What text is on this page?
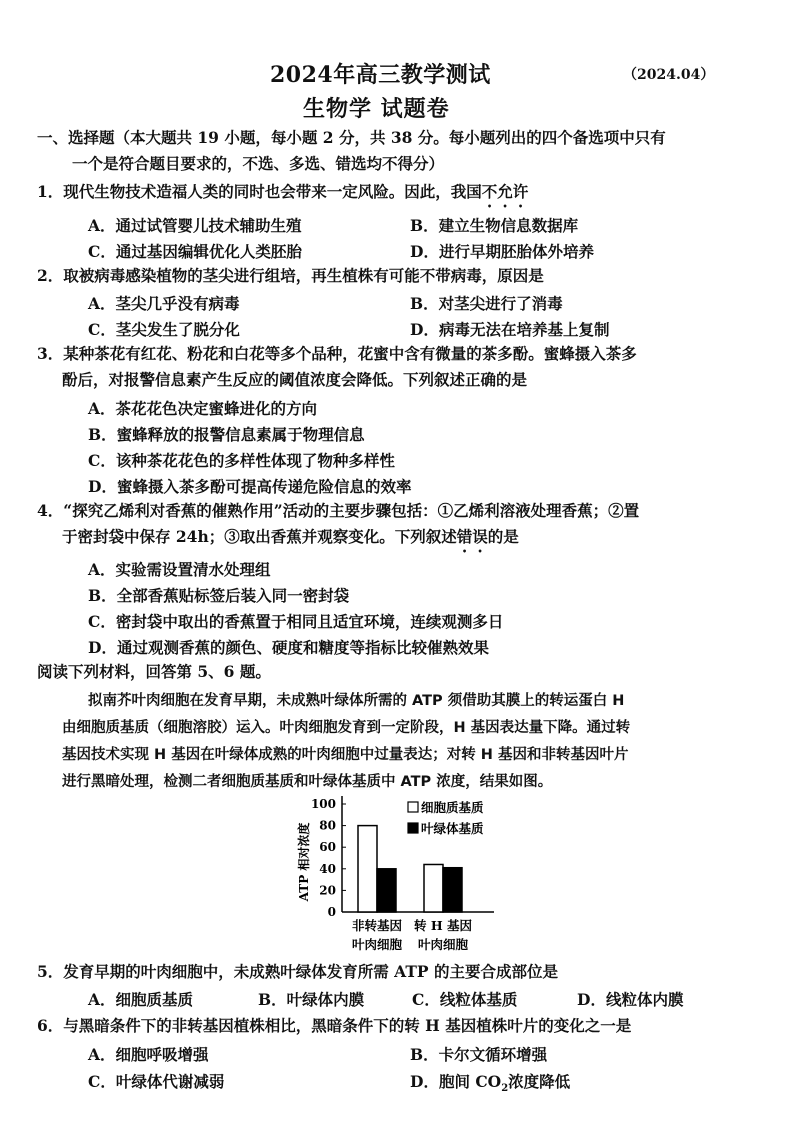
2024年高三教学测试	（2024.04）
生物学 试题卷
一、选择题（本大题共 19 小题，每小题 2 分，共 38 分。每小题列出的四个备选项中只有
一个是符合题目要求的，不选、多选、错选均不得分）
1．现代生物技术造福人类的同时也会带来一定风险。因此，我国不允许
A．通过试管婴儿技术辅助生殖	B．建立生物信息数据库
C．通过基因编辑优化人类胚胎	D．进行早期胚胎体外培养
2．取被病毒感染植物的茎尖进行组培，再生植株有可能不带病毒，原因是
A．茎尖几乎没有病毒	B．对茎尖进行了消毒
C．茎尖发生了脱分化	D．病毒无法在培养基上复制
3．某种茶花有红花、粉花和白花等多个品种，花蜜中含有微量的茶多酚。蜜蜂摄入茶多
酚后，对报警信息素产生反应的阈值浓度会降低。下列叙述正确的是
A．茶花花色决定蜜蜂进化的方向
B．蜜蜂释放的报警信息素属于物理信息
C．该种茶花花色的多样性体现了物种多样性
D．蜜蜂摄入茶多酚可提高传递危险信息的效率
4．“探究乙烯利对香蕉的催熟作用”活动的主要步骤包括：①乙烯利溶液处理香蕉；②置
于密封袋中保存 24h；③取出香蕉并观察变化。下列叙述错误的是
A．实验需设置清水处理组
B．全部香蕉贴标签后装入同一密封袋
C．密封袋中取出的香蕉置于相同且适宜环境，连续观测多日
D．通过观测香蕉的颜色、硬度和糖度等指标比较催熟效果
阅读下列材料，回答第 5、6 题。
拟南芥叶肉细胞在发育早期，未成熟叶绿体所需的 ATP 须借助其膜上的转运蛋白 H
由细胞质基质（细胞溶胶）运入。叶肉细胞发育到一定阶段，H 基因表达量下降。通过转
基因技术实现 H 基因在叶绿体成熟的叶肉细胞中过量表达；对转 H 基因和非转基因叶片
进行黑暗处理，检测二者细胞质基质和叶绿体基质中 ATP 浓度，结果如图。
ATP 相对浓度
0
20
40
60
80
100
非转基因
叶肉细胞
转 H 基因
叶肉细胞
细胞质基质
叶绿体基质
5．发育早期的叶肉细胞中，未成熟叶绿体发育所需 ATP 的主要合成部位是
A．细胞质基质	B．叶绿体内膜	C．线粒体基质	D．线粒体内膜
6．与黑暗条件下的非转基因植株相比，黑暗条件下的转 H 基因植株叶片的变化之一是
A．细胞呼吸增强	B．卡尔文循环增强
C．叶绿体代谢减弱	D．胞间 $CO_2$浓度降低
